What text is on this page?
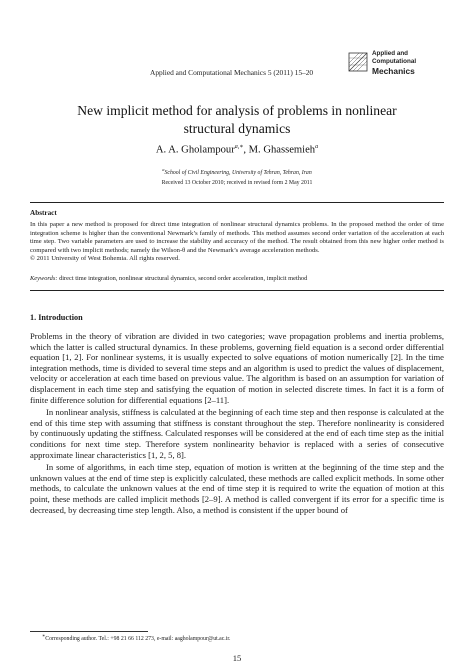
Applied and Computational Mechanics 5 (2011) 15–20
Applied and
Computational
Mechanics
New implicit method for analysis of problems in nonlinear
structural dynamics
A. A. Gholampour$^{a,∗}$, M. Ghassemieh$^a$
$^a$School of Civil Engineering, University of Tehran, Tehran, Iran
Received 13 October 2010; received in revised form 2 May 2011
Abstract

In this paper a new method is proposed for direct time integration of nonlinear structural dynamics problems. In the proposed method the order of time integration scheme is higher than the conventional Newmark’s family of methods. This method assumes second order variation of the acceleration at each time step. Two variable parameters are used to increase the stability and accuracy of the method. The result obtained from this new higher order method is compared with two implicit methods; namely the Wilson-θ and the Newmark’s average acceleration methods.

© 2011 University of West Bohemia. All rights reserved.

Keywords: direct time integration, nonlinear structural dynamics, second order acceleration, implicit method
1. Introduction

Problems in the theory of vibration are divided in two categories; wave propagation problems and inertia problems, which the latter is called structural dynamics. In these problems, governing field equation is a second order differential equation [1, 2]. For nonlinear systems, it is usually expected to solve equations of motion numerically [2]. In the time integration methods, time is divided to several time steps and an algorithm is used to predict the values of displacement, velocity or acceleration at each time based on previous value. The algorithm is based on an assumption for variation of displacement in each time step and satisfying the equation of motion in selected discrete times. In fact it is a form of finite difference solution for differential equations [2–11].

In nonlinear analysis, stiffness is calculated at the beginning of each time step and then response is calculated at the end of this time step with assuming that stiffness is constant throughout the step. Therefore nonlinearity is considered by continuously updating the stiffness. Calculated responses will be considered at the end of each time step as the initial conditions for next time step. Therefore system nonlinearity behavior is replaced with a series of consecutive approximate linear characteristics [1, 2, 5, 8].

In some of algorithms, in each time step, equation of motion is written at the beginning of the time step and the unknown values at the end of time step is explicitly calculated, these methods are called explicit methods. In some other methods, to calculate the unknown values at the end of time step it is required to write the equation of motion at this point, these methods are called implicit methods [2–9]. A method is called convergent if its error for a specific time is decreased, by decreasing time step length. Also, a method is consistent if the upper bound of

∗Corresponding author. Tel.: +98 21 66 112 273, e-mail: aagholampour@ut.ac.ir.
15
